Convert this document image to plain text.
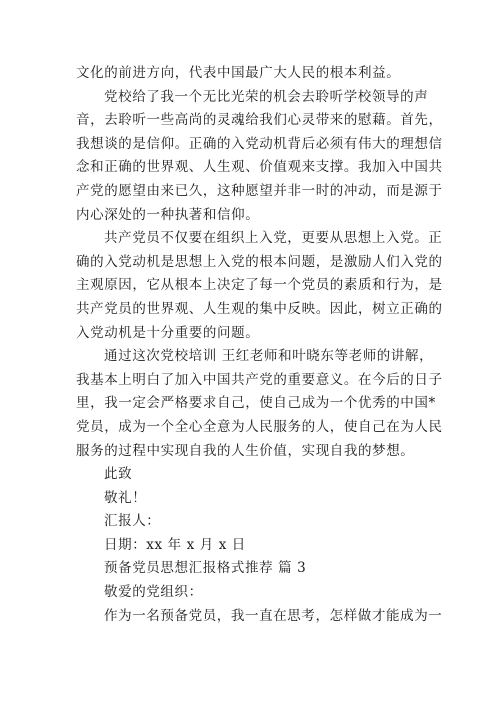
文化的前进方向，代表中国最广大人民的根本利益。
党校给了我一个无比光荣的机会去聆听学校领导的声
音，去聆听一些高尚的灵魂给我们心灵带来的慰藉。首先，
我想谈的是信仰。正确的入党动机背后必须有伟大的理想信
念和正确的世界观、人生观、价值观来支撑。我加入中国共
产党的愿望由来已久，这种愿望并非一时的冲动，而是源于
内心深处的一种执著和信仰。
共产党员不仅要在组织上入党，更要从思想上入党。正
确的入党动机是思想上入党的根本问题，是激励人们入党的
主观原因，它从根本上决定了每一个党员的素质和行为，是
共产党员的世界观、人生观的集中反映。因此，树立正确的
入党动机是十分重要的问题。
通过这次党校培训 王红老师和叶晓东等老师的讲解，
我基本上明白了加入中国共产党的重要意义。在今后的日子
里，我一定会严格要求自己，使自己成为一个优秀的中国*
党员，成为一个全心全意为人民服务的人，使自己在为人民
服务的过程中实现自我的人生价值，实现自我的梦想。
此致
敬礼！
汇报人：
日期：xx 年 x 月 x 日
预备党员思想汇报格式推荐 篇 3
敬爱的党组织：
作为一名预备党员，我一直在思考，怎样做才能成为一
